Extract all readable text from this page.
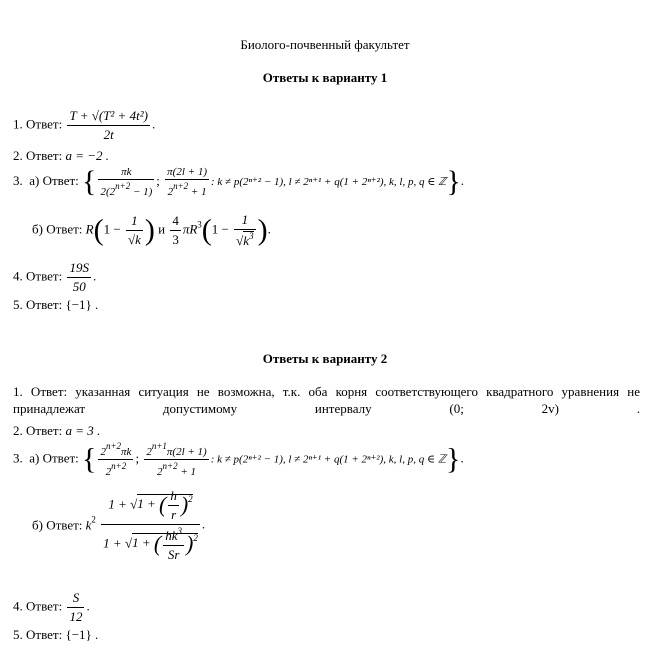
Биолого-почвенный факультет
Ответы к варианту 1
1. Ответ: $\frac{\text{T + √(T² + 4t²)}}{2t}$ .
2. Ответ: a = −2 .
3. а) Ответ: { $\frac{\pi k}{2(2^{n+2} - 1)}$ ; $\frac{\pi(2l + 1)}{2^{n+2} + 1}$ : k ≠ p(2ⁿ⁺² − 1), l ≠ 2ⁿ⁺¹ + q(1 + 2ⁿ⁺²), k, l, p, q ∈ ℤ}.
б) Ответ: $R(1 - \frac{1}{√k}$ ) и $\frac{4}{3} \pi R^3(1 - \frac{1}{√k^3}$ ).
4. Ответ: $\frac{19S}{50}$ .
5. Ответ: {−1} .
Ответы к варианту 2
1. Ответ: указанная ситуация не возможна, т.к. оба корня соответствующего квадратного уравнения не принадлежат допустимому интервалу (0; 2v) .
2. Ответ: a = 3 .
3. а) Ответ: { $\frac{2^{n+2}\pi k}{2^{n+2}}$ ; $\frac{2^{n+1}\pi(2l + 1)}{2^{n+2} + 1}$ : k ≠ p(2ⁿ⁺² − 1), l ≠ 2ⁿ⁺¹ + q(1 + 2ⁿ⁺²), k, l, p, q ∈ ℤ}.
б) Ответ: $k^2 \frac{1 + √1 + ( \frac{h}{r} )^2}{1 + √1 + ( \frac{hk^3}{Sr} )^2}$ .
4. Ответ: $\frac{S}{12}$ .
5. Ответ: {−1} .
